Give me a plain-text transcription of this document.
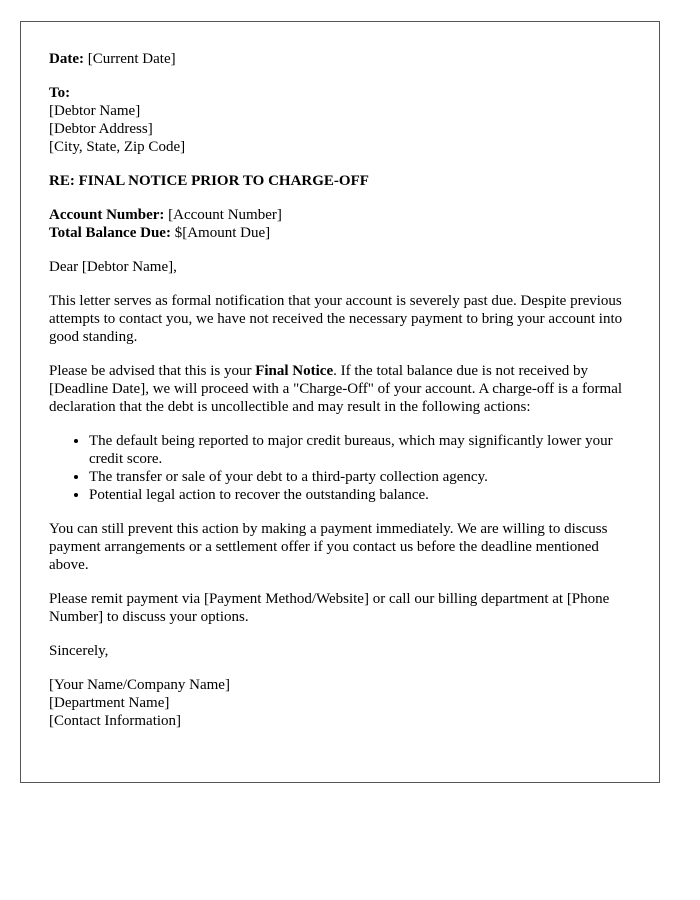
Date: [Current Date]

To:
[Debtor Name]
[Debtor Address]
[City, State, Zip Code]

RE: FINAL NOTICE PRIOR TO CHARGE-OFF

Account Number: [Account Number]
Total Balance Due: $[Amount Due]

Dear [Debtor Name],

This letter serves as formal notification that your account is severely past due. Despite previous attempts to contact you, we have not received the necessary payment to bring your account into good standing.

Please be advised that this is your Final Notice. If the total balance due is not received by [Deadline Date], we will proceed with a "Charge-Off" of your account. A charge-off is a formal declaration that the debt is uncollectible and may result in the following actions:

• The default being reported to major credit bureaus, which may significantly lower your credit score.
• The transfer or sale of your debt to a third-party collection agency.
• Potential legal action to recover the outstanding balance.

You can still prevent this action by making a payment immediately. We are willing to discuss payment arrangements or a settlement offer if you contact us before the deadline mentioned above.

Please remit payment via [Payment Method/Website] or call our billing department at [Phone Number] to discuss your options.

Sincerely,

[Your Name/Company Name]
[Department Name]
[Contact Information]
